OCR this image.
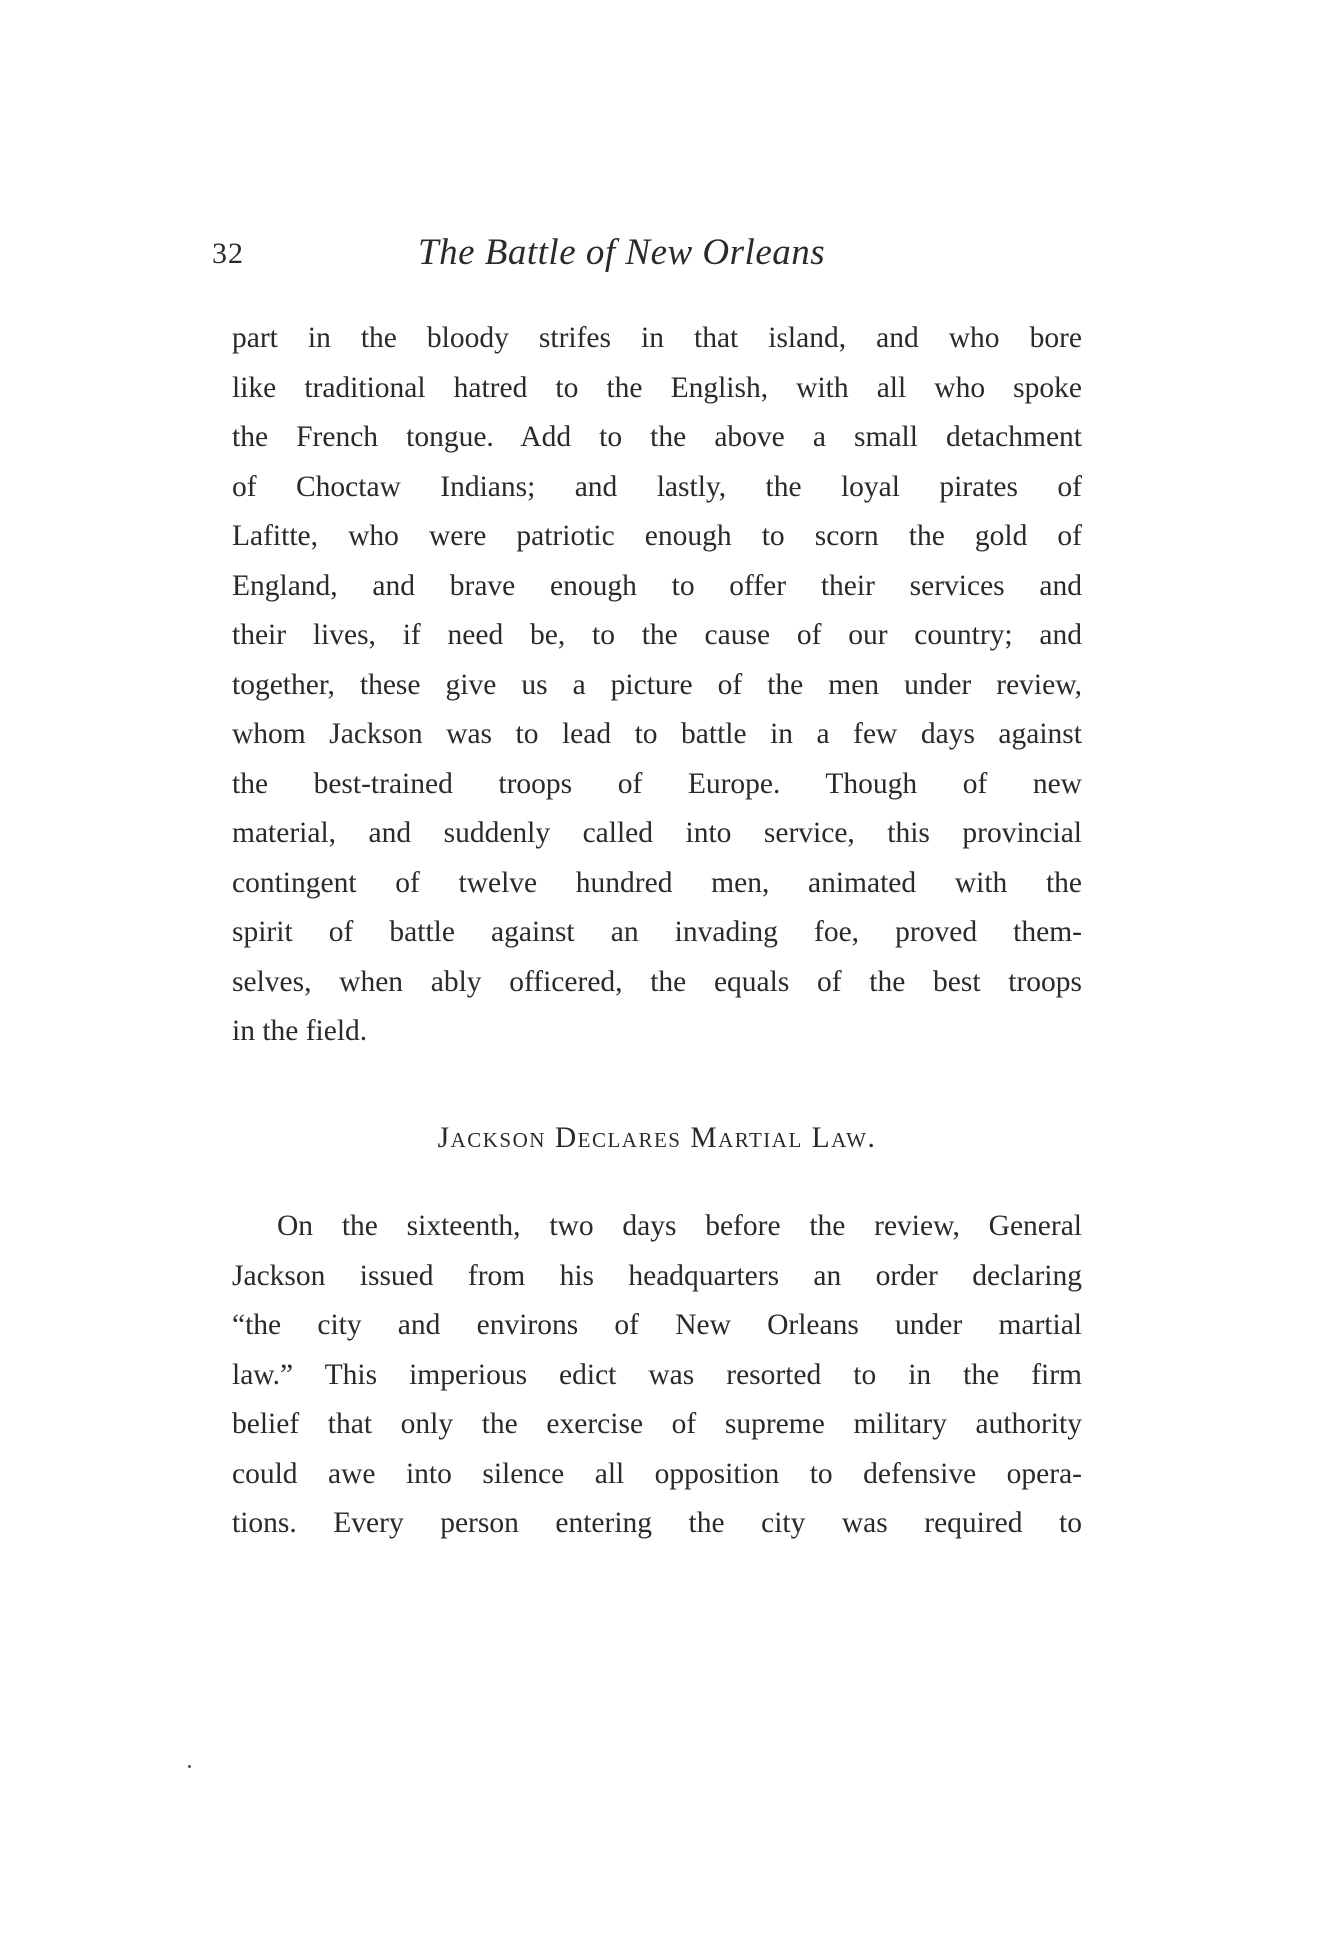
32	The Battle of New Orleans
part in the bloody strifes in that island, and who bore
like traditional hatred to the English, with all who spoke
the French tongue. Add to the above a small detachment
of Choctaw Indians; and lastly, the loyal pirates of
Lafitte, who were patriotic enough to scorn the gold of
England, and brave enough to offer their services and
their lives, if need be, to the cause of our country; and
together, these give us a picture of the men under review,
whom Jackson was to lead to battle in a few days against
the best-trained troops of Europe. Though of new
material, and suddenly called into service, this provincial
contingent of twelve hundred men, animated with the
spirit of battle against an invading foe, proved them-
selves, when ably officered, the equals of the best troops
in the field.
Jackson Declares Martial Law.
On the sixteenth, two days before the review, General
Jackson issued from his headquarters an order declaring
“the city and environs of New Orleans under martial
law.” This imperious edict was resorted to in the firm
belief that only the exercise of supreme military authority
could awe into silence all opposition to defensive opera-
tions. Every person entering the city was required to
